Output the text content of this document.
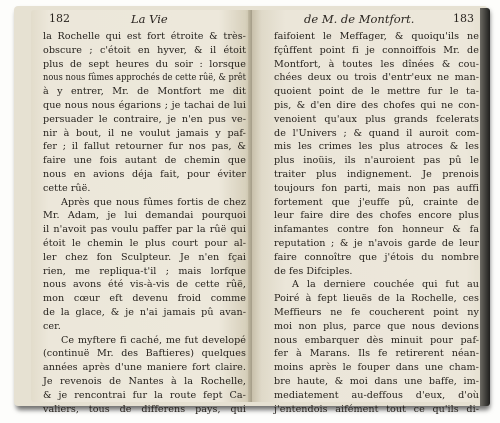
182	La Vie
la Rochelle qui est fort étroite & très-
obscure ; c'étoit en hyver, & il étoit
plus de sept heures du soir : lorsque
nous nous fûmes approchés de cette rûë, & prêt
à y entrer, Mr. de Montfort me dit
que nous nous égarions ; je tachai de lui
persuader le contraire, je n'en pus ve-
nir à bout, il ne voulut jamais y paf-
fer ; il fallut retourner fur nos pas, &
faire une fois autant de chemin que
nous en avions déja fait, pour éviter
cette rûë.
Après que nous fûmes fortis de chez
Mr. Adam, je lui demandai pourquoi
il n'avoit pas voulu paffer par la rûë qui
étoit le chemin le plus court pour al-
ler chez fon Sculpteur. Je n'en fçai
rien, me repliqua-t'il ; mais lorfque
nous avons été vis-à-vis de cette rûë,
mon cœur eft devenu froid comme
de la glace, & je n'ai jamais pû avan-
cer.
Ce myftere fi caché, me fut developé
(continuë Mr. des Baftieres) quelques
années après d'une maniere fort claire.
Je revenois de Nantes à la Rochelle,
& je rencontrai fur la route fept Ca-
valiers, tous de differens pays, qui
de M. de Montfort.	183
faifoient le Meffager, & quoiqu'ils ne
fçûffent point fi je connoiffois Mr. de
Montfort, à toutes les dînées & cou-
chées deux ou trois d'entr'eux ne man-
quoient point de le mettre fur le ta-
pis, & d'en dire des chofes qui ne con-
venoient qu'aux plus grands fcelerats
de l'Univers ; & quand il auroit com-
mis les crimes les plus atroces & les
plus inoüis, ils n'auroient pas pû le
traiter plus indignement. Je prenois
toujours fon parti, mais non pas auffi
fortement que j'euffe pû, crainte de
leur faire dire des chofes encore plus
infamantes contre fon honneur & fa
reputation ; & je n'avois garde de leur
faire connoître que j'étois du nombre
de fes Difciples.
A la derniere couchée qui fut au
Poiré à fept lieuës de la Rochelle, ces
Meffieurs ne fe coucherent point ny
moi non plus, parce que nous devions
nous embarquer dès minuit pour paf-
fer à Marans. Ils fe retirerent néan-
moins après le fouper dans une cham-
bre haute, & moi dans une baffe, im-
mediatement au-deffous d'eux, d'où
j'entendois aifément tout ce qu'ils di-
